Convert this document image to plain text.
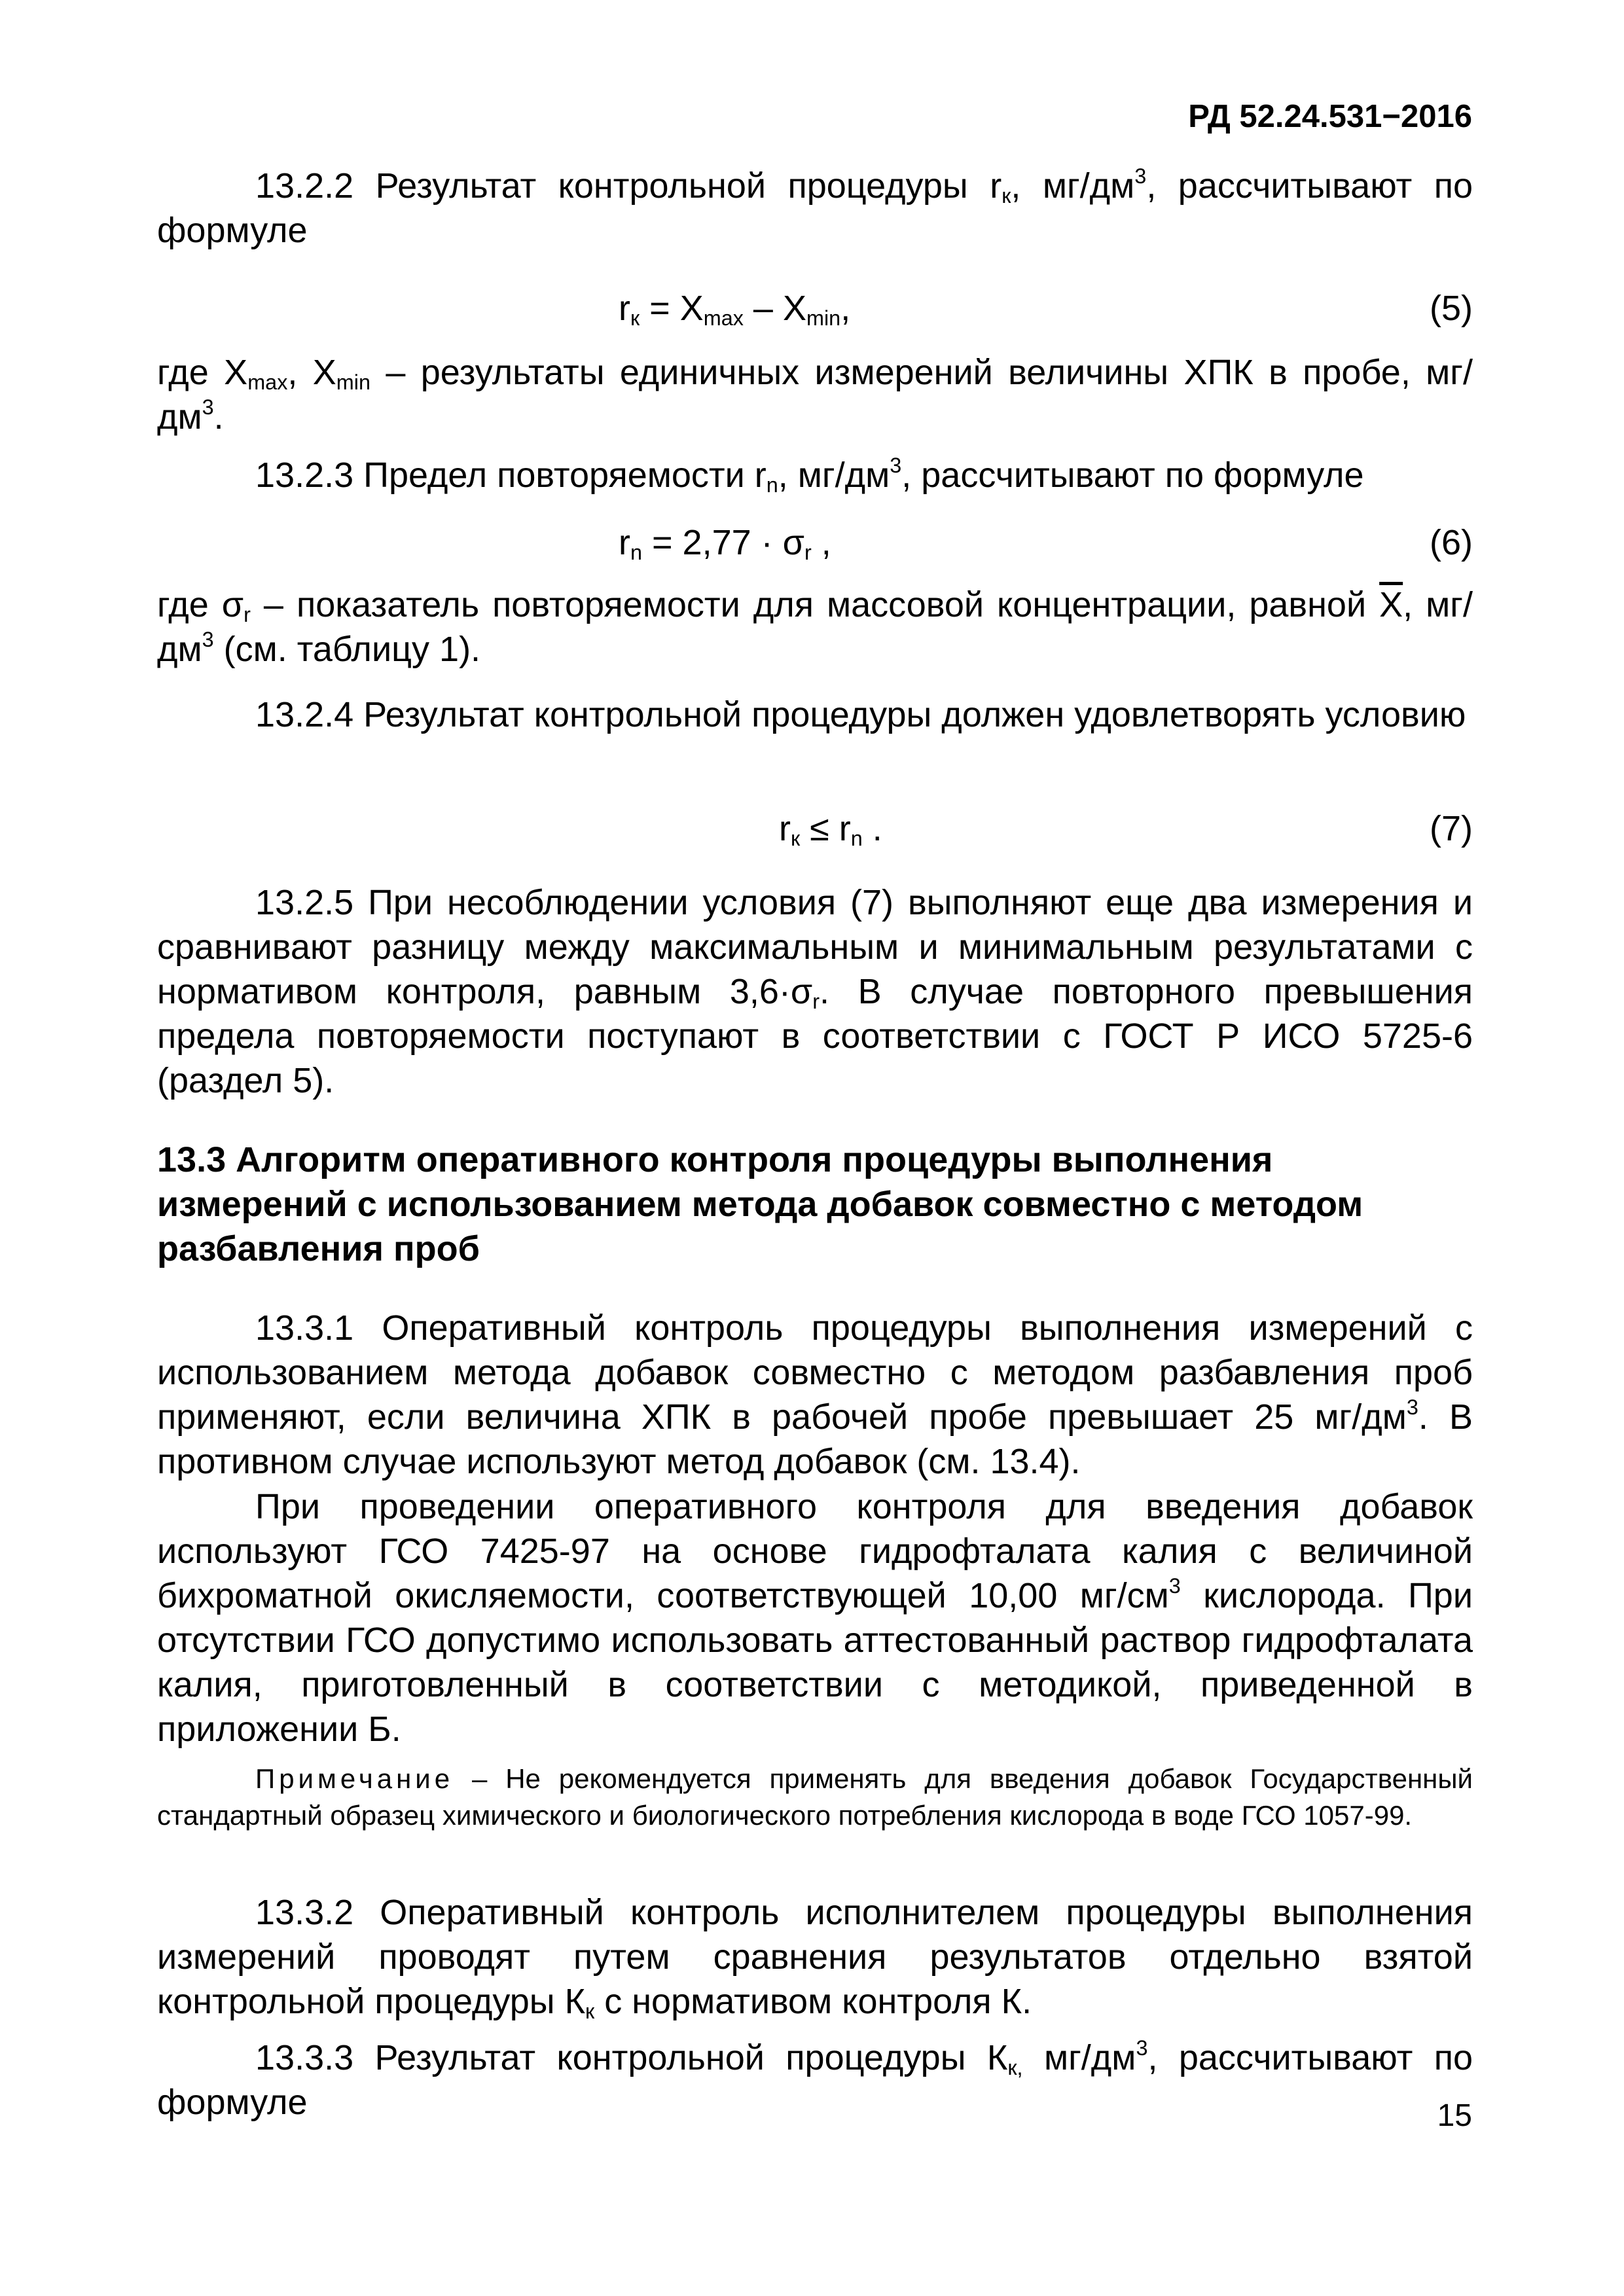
РД 52.24.531−2016

13.2.2 Результат контрольной процедуры $r_к$, $мг/дм^3$, рассчитывают по формуле

$r_к = X_{max} - X_{min}$,	(5)

где $X_{max}$, $X_{min}$ – результаты единичных измерений величины ХПК в пробе, $мг/дм^3$.

13.2.3 Предел повторяемости $r_n$, $мг/дм^3$, рассчитывают по формуле

$r_n = 2,77 \cdot \sigma_r$ ,	(6)

где $\sigma_r$ – показатель повторяемости для массовой концентрации, равной $\overline{X}$, $мг/дм^3$ (см. таблицу 1).

13.2.4 Результат контрольной процедуры должен удовлетворять условию

$r_к \le r_n$ .	(7)

13.2.5 При несоблюдении условия (7) выполняют еще два измерения и сравнивают разницу между максимальным и минимальным результатами с нормативом контроля, равным $3,6\cdot\sigma_r$. В случае повторного превышения предела повторяемости поступают в соответствии с ГОСТ Р ИСО 5725-6 (раздел 5).

13.3 Алгоритм оперативного контроля процедуры выполнения измерений с использованием метода добавок совместно с методом разбавления проб

13.3.1 Оперативный контроль процедуры выполнения измерений с использованием метода добавок совместно с методом разбавления проб применяют, если величина ХПК в рабочей пробе превышает 25 $мг/дм^3$. В противном случае используют метод добавок (см. 13.4).

При проведении оперативного контроля для введения добавок используют ГСО 7425-97 на основе гидрофталата калия с величиной бихроматной окисляемости, соответствующей 10,00 $мг/см^3$ кислорода. При отсутствии ГСО допустимо использовать аттестованный раствор гидрофталата калия, приготовленный в соответствии с методикой, приведенной в приложении Б.

Примечание – Не рекомендуется применять для введения добавок Государственный стандартный образец химического и биологического потребления кислорода в воде ГСО 1057-99.

13.3.2 Оперативный контроль исполнителем процедуры выполнения измерений проводят путем сравнения результатов отдельно взятой контрольной процедуры $К_к$ с нормативом контроля К.

13.3.3 Результат контрольной процедуры $К_{к,}$ $мг/дм^3$, рассчитывают по формуле	15
